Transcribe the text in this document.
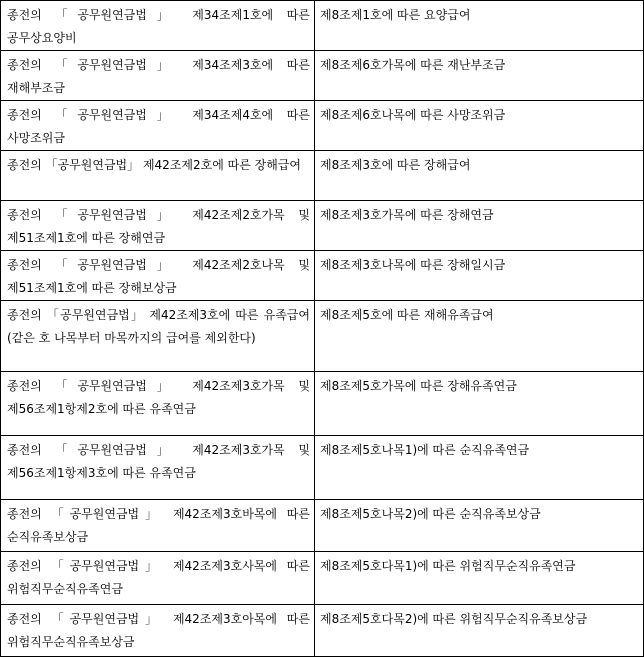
종전의 「공무원연금법」 제34조제1호에 따른 공무상요양비	제8조제1호에 따른 요양급여
종전의 「공무원연금법」 제34조제3호에 따른 재해부조금	제8조제6호가목에 따른 재난부조금
종전의 「공무원연금법」 제34조제4호에 따른 사망조위금	제8조제6호나목에 따른 사망조위금
종전의 「공무원연금법」 제42조제2호에 따른 장해급여	제8조제3호에 따른 장해급여
종전의 「공무원연금법」 제42조제2호가목 및 제51조제1호에 따른 장해연금	제8조제3호가목에 따른 장해연금
종전의 「공무원연금법」 제42조제2호나목 및 제51조제1호에 따른 장해보상금	제8조제3호나목에 따른 장해일시금
종전의 「공무원연금법」 제42조제3호에 따른 유족급여(같은 호 나목부터 마목까지의 급여를 제외한다)	제8조제5호에 따른 재해유족급여
종전의 「공무원연금법」 제42조제3호가목 및 제56조제1항제2호에 따른 유족연금	제8조제5호가목에 따른 장해유족연금
종전의 「공무원연금법」 제42조제3호가목 및 제56조제1항제3호에 따른 유족연금	제8조제5호나목1)에 따른 순직유족연금
종전의 「공무원연금법」 제42조제3호바목에 따른 순직유족보상금	제8조제5호나목2)에 따른 순직유족보상금
종전의 「공무원연금법」 제42조제3호사목에 따른 위험직무순직유족연금	제8조제5호다목1)에 따른 위험직무순직유족연금
종전의 「공무원연금법」 제42조제3호아목에 따른 위험직무순직유족보상금	제8조제5호다목2)에 따른 위험직무순직유족보상금
